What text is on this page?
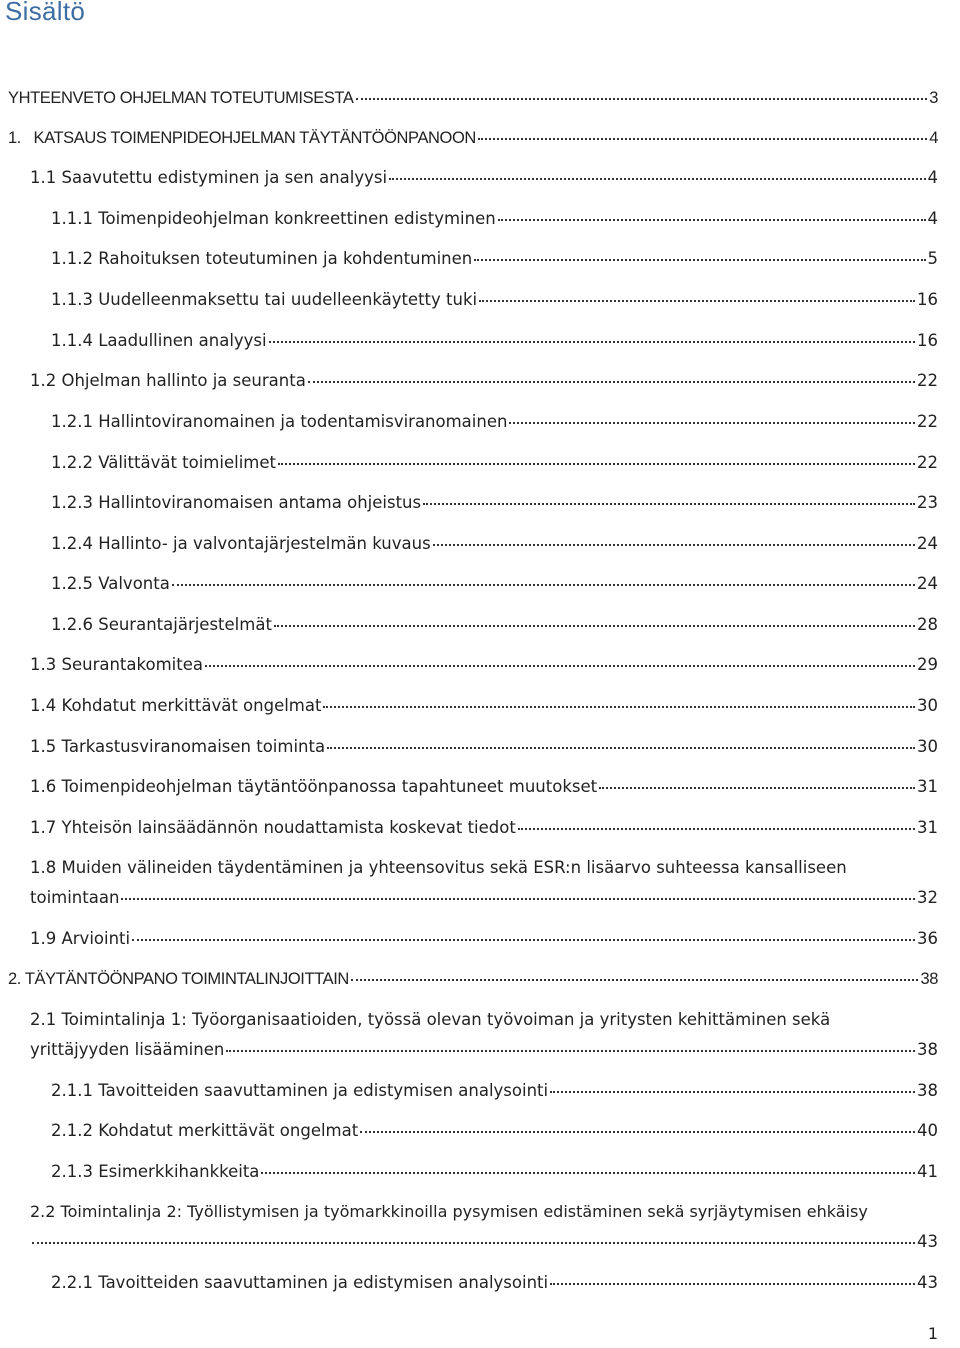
Sisältö
YHTEENVETO OHJELMAN TOTEUTUMISESTA	3
1.   KATSAUS TOIMENPIDEOHJELMAN TÄYTÄNTÖÖNPANOON	4
1.1 Saavutettu edistyminen ja sen analyysi	4
1.1.1 Toimenpideohjelman konkreettinen edistyminen	4
1.1.2 Rahoituksen toteutuminen ja kohdentuminen	5
1.1.3 Uudelleenmaksettu tai uudelleenkäytetty tuki	16
1.1.4 Laadullinen analyysi	16
1.2 Ohjelman hallinto ja seuranta	22
1.2.1 Hallintoviranomainen ja todentamisviranomainen	22
1.2.2 Välittävät toimielimet	22
1.2.3 Hallintoviranomaisen antama ohjeistus	23
1.2.4 Hallinto- ja valvontajärjestelmän kuvaus	24
1.2.5 Valvonta	24
1.2.6 Seurantajärjestelmät	28
1.3 Seurantakomitea	29
1.4 Kohdatut merkittävät ongelmat	30
1.5 Tarkastusviranomaisen toiminta	30
1.6 Toimenpideohjelman täytäntöönpanossa tapahtuneet muutokset	31
1.7 Yhteisön lainsäädännön noudattamista koskevat tiedot	31
1.8 Muiden välineiden täydentäminen ja yhteensovitus sekä ESR:n lisäarvo suhteessa kansalliseen
toimintaan	32
1.9 Arviointi	36
2. TÄYTÄNTÖÖNPANO TOIMINTALINJOITTAIN	38
2.1 Toimintalinja 1: Työorganisaatioiden, työssä olevan työvoiman ja yritysten kehittäminen sekä
yrittäjyyden lisääminen	38
2.1.1 Tavoitteiden saavuttaminen ja edistymisen analysointi	38
2.1.2 Kohdatut merkittävät ongelmat	40
2.1.3 Esimerkkihankkeita	41
2.2 Toimintalinja 2: Työllistymisen ja työmarkkinoilla pysymisen edistäminen sekä syrjäytymisen ehkäisy
43
2.2.1 Tavoitteiden saavuttaminen ja edistymisen analysointi	43
1
